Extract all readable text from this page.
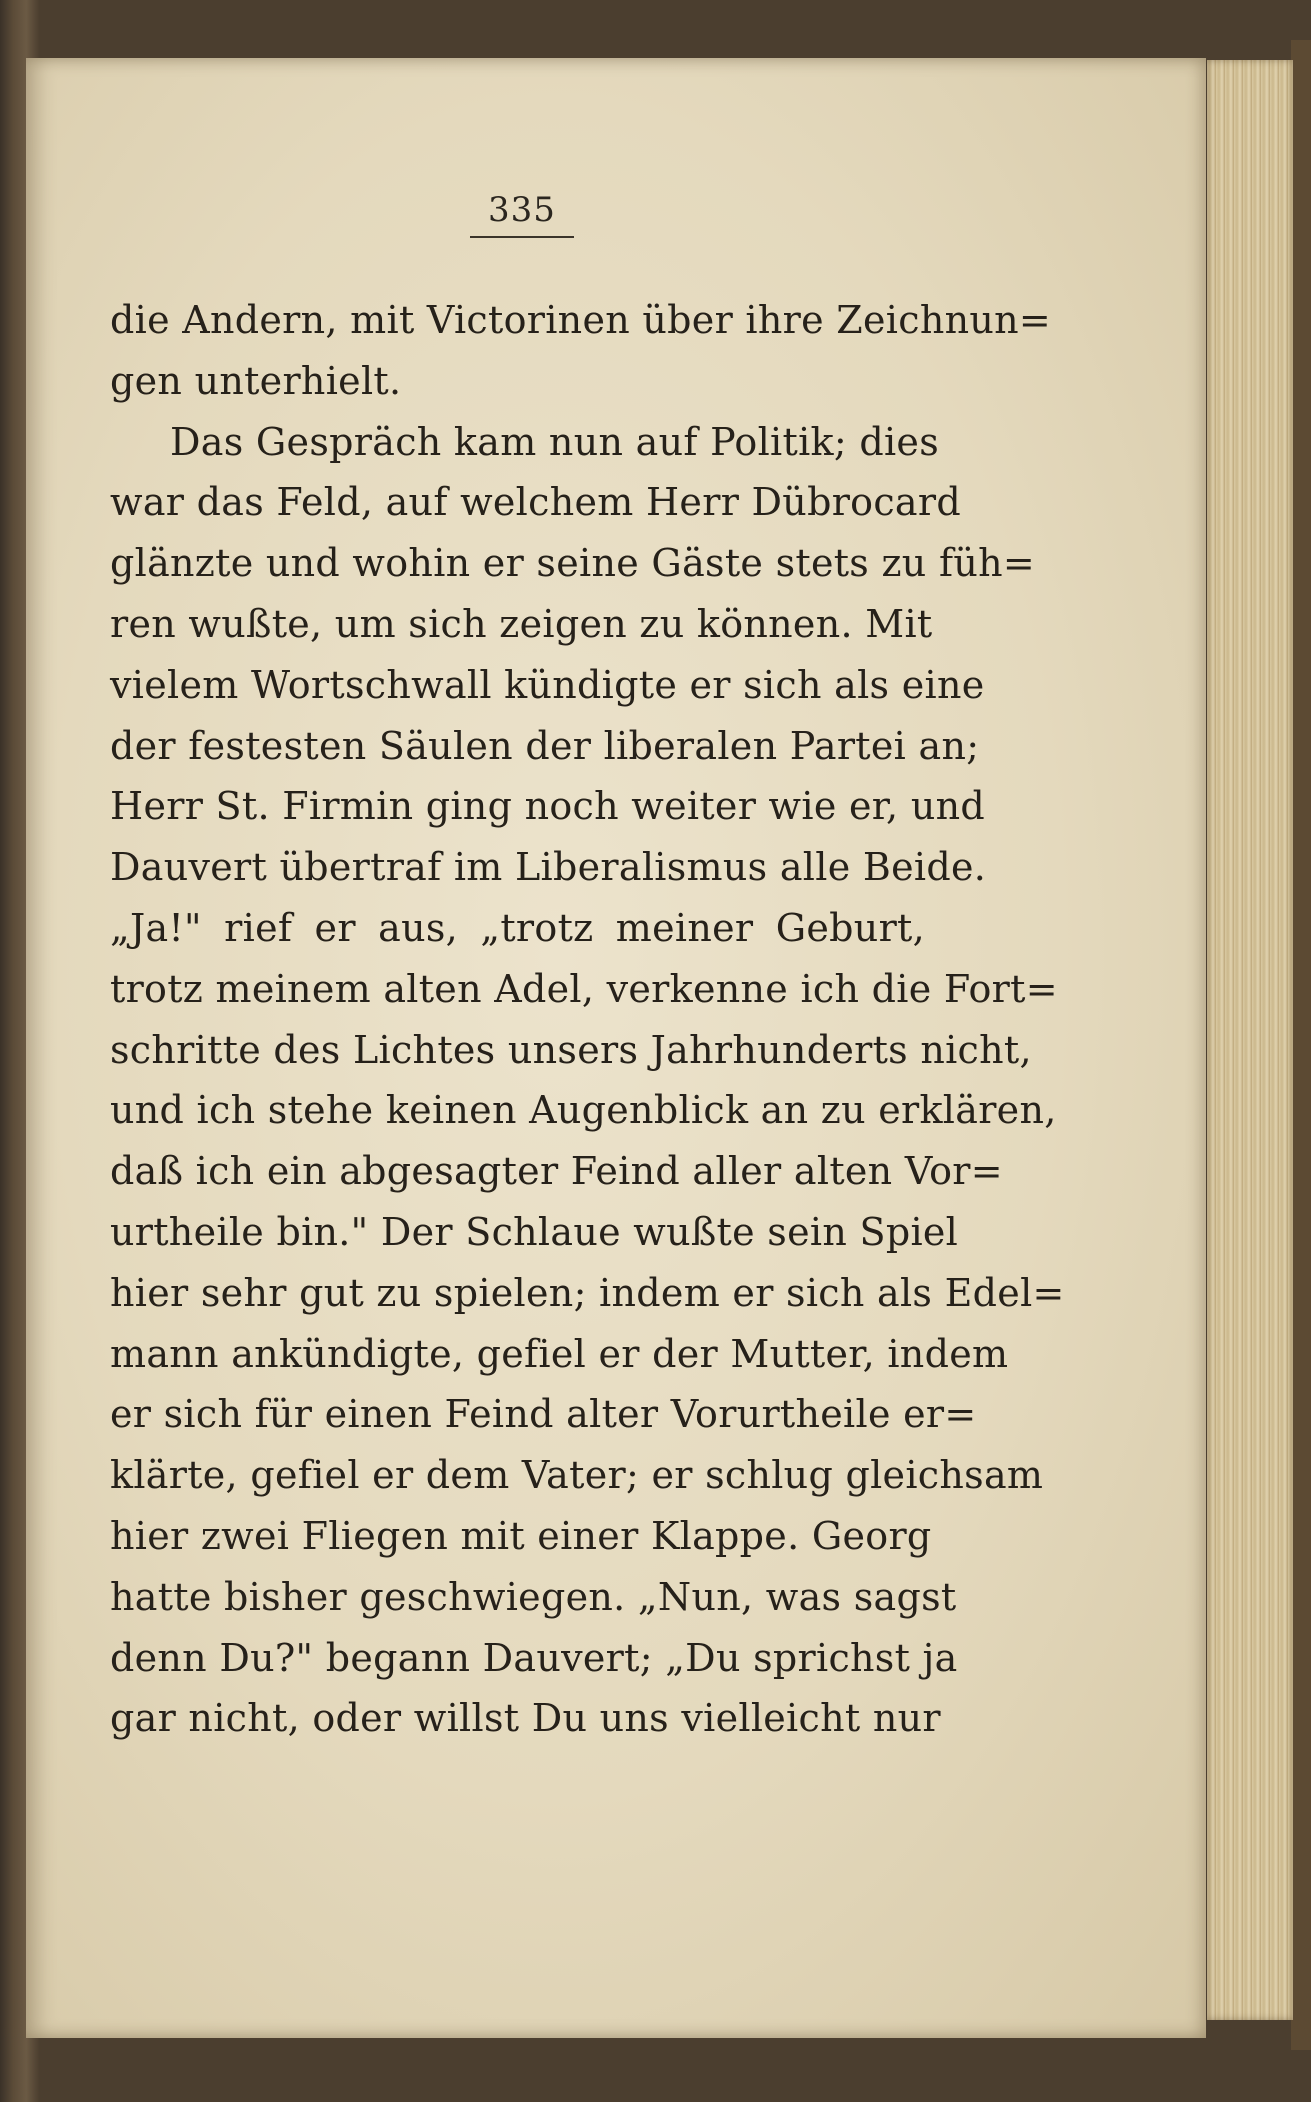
335
die Andern, mit Victorinen über ihre Zeichnun=
gen unterhielt.
Das Gespräch kam nun auf Politik; dies
war das Feld, auf welchem Herr Dübrocard
glänzte und wohin er seine Gäste stets zu füh=
ren wußte, um sich zeigen zu können. Mit
vielem Wortschwall kündigte er sich als eine
der festesten Säulen der liberalen Partei an;
Herr St. Firmin ging noch weiter wie er, und
Dauvert übertraf im Liberalismus alle Beide.
„Ja!" rief er aus, „trotz meiner Geburt,
trotz meinem alten Adel, verkenne ich die Fort=
schritte des Lichtes unsers Jahrhunderts nicht,
und ich stehe keinen Augenblick an zu erklären,
daß ich ein abgesagter Feind aller alten Vor=
urtheile bin." Der Schlaue wußte sein Spiel
hier sehr gut zu spielen; indem er sich als Edel=
mann ankündigte, gefiel er der Mutter, indem
er sich für einen Feind alter Vorurtheile er=
klärte, gefiel er dem Vater; er schlug gleichsam
hier zwei Fliegen mit einer Klappe. Georg
hatte bisher geschwiegen. „Nun, was sagst
denn Du?" begann Dauvert; „Du sprichst ja
gar nicht, oder willst Du uns vielleicht nur
